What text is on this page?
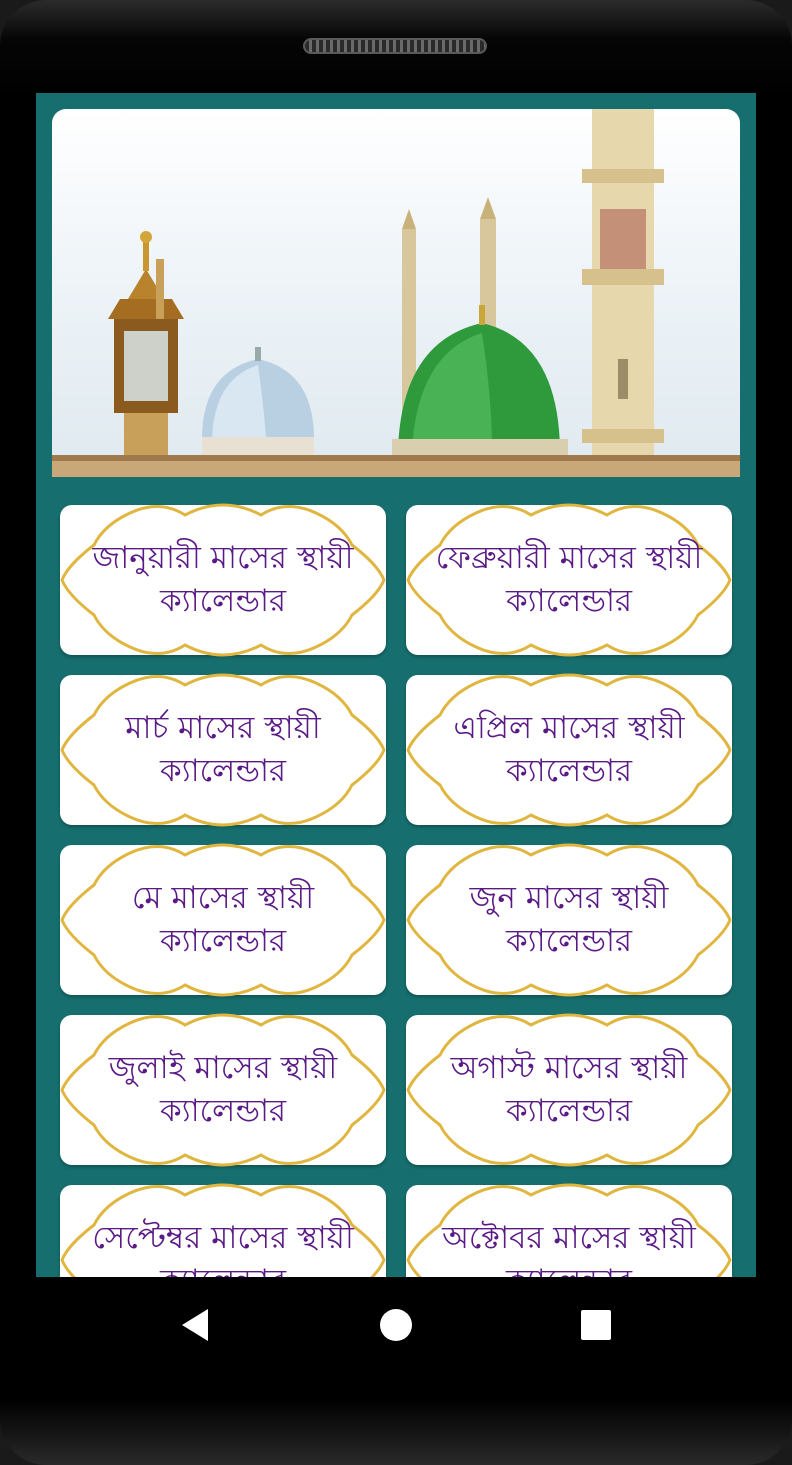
জানুয়ারী মাসের স্থায়ী
ক্যালেন্ডার
ফেব্রুয়ারী মাসের স্থায়ী
ক্যালেন্ডার
মার্চ মাসের স্থায়ী
ক্যালেন্ডার
এপ্রিল মাসের স্থায়ী
ক্যালেন্ডার
মে মাসের স্থায়ী
ক্যালেন্ডার
জুন মাসের স্থায়ী
ক্যালেন্ডার
জুলাই মাসের স্থায়ী
ক্যালেন্ডার
অগাস্ট মাসের স্থায়ী
ক্যালেন্ডার
সেপ্টেম্বর মাসের স্থায়ী	অক্টোবর মাসের স্থায়ী
